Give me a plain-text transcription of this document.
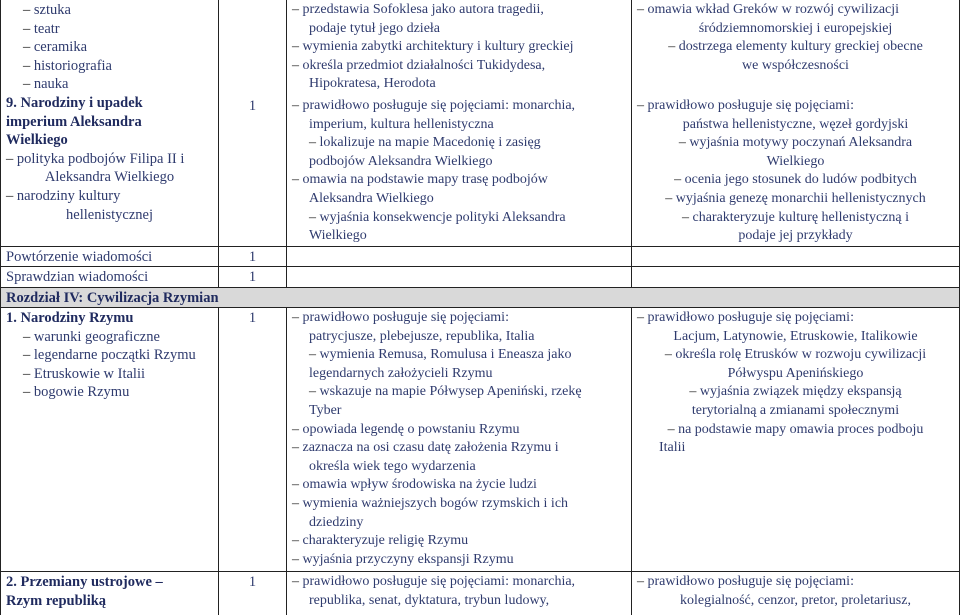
– sztuka
– teatr
– ceramika
– historiografia
– nauka
9. Narodziny i upadek
imperium Aleksandra
Wielkiego
– polityka podbojów Filipa II i
Aleksandra Wielkiego
– narodziny kultury
hellenistycznej
Powtórzenie wiadomości
Sprawdzian wiadomości
Rozdział IV: Cywilizacja Rzymian
1. Narodziny Rzymu
– warunki geograficzne
– legendarne początki Rzymu
– Etruskowie w Italii
– bogowie Rzymu
2. Przemiany ustrojowe –
Rzym republiką
1
1
1
1
1
– przedstawia Sofoklesa jako autora tragedii,
podaje tytuł jego dzieła
– wymienia zabytki architektury i kultury greckiej
– określa przedmiot działalności Tukidydesa,
Hipokratesa, Herodota
– prawidłowo posługuje się pojęciami: monarchia,
imperium, kultura hellenistyczna
– lokalizuje na mapie Macedonię i zasięg
podbojów Aleksandra Wielkiego
– omawia na podstawie mapy trasę podbojów
Aleksandra Wielkiego
– wyjaśnia konsekwencje polityki Aleksandra
Wielkiego
– prawidłowo posługuje się pojęciami:
patrycjusze, plebejusze, republika, Italia
– wymienia Remusa, Romulusa i Eneasza jako
legendarnych założycieli Rzymu
– wskazuje na mapie Półwysep Apeniński, rzekę
Tyber
– opowiada legendę o powstaniu Rzymu
– zaznacza na osi czasu datę założenia Rzymu i
określa wiek tego wydarzenia
– omawia wpływ środowiska na życie ludzi
– wymienia ważniejszych bogów rzymskich i ich
dziedziny
– charakteryzuje religię Rzymu
– wyjaśnia przyczyny ekspansji Rzymu
– prawidłowo posługuje się pojęciami: monarchia,
republika, senat, dyktatura, trybun ludowy,
– omawia wkład Greków w rozwój cywilizacji
śródziemnomorskiej i europejskiej
– dostrzega elementy kultury greckiej obecne
we współczesności
– prawidłowo posługuje się pojęciami:
państwa hellenistyczne, węzeł gordyjski
– wyjaśnia motywy poczynań Aleksandra
Wielkiego
– ocenia jego stosunek do ludów podbitych
– wyjaśnia genezę monarchii hellenistycznych
– charakteryzuje kulturę hellenistyczną i
podaje jej przykłady
– prawidłowo posługuje się pojęciami:
Lacjum, Latynowie, Etruskowie, Italikowie
– określa rolę Etrusków w rozwoju cywilizacji
Półwyspu Apenińskiego
– wyjaśnia związek między ekspansją
terytorialną a zmianami społecznymi
– na podstawie mapy omawia proces podboju
Italii
– prawidłowo posługuje się pojęciami:
kolegialność, cenzor, pretor, proletariusz,
